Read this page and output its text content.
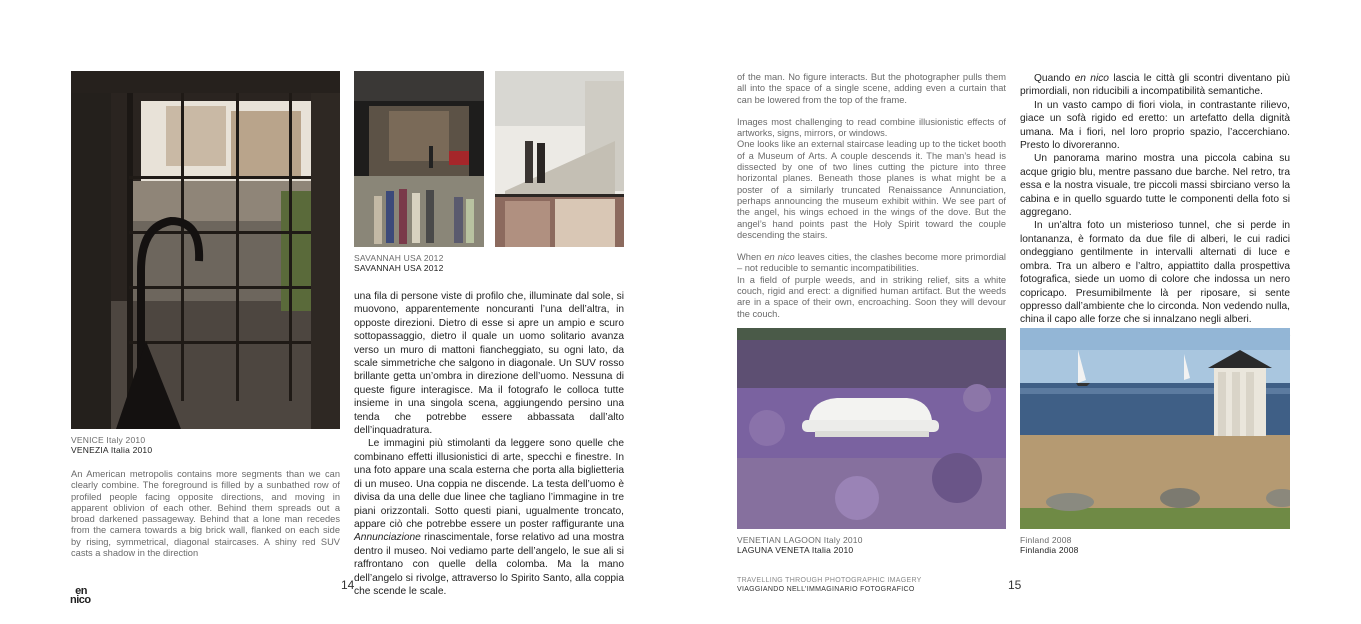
VENICE Italy 2010
VENEZIA Italia 2010
SAVANNAH USA 2012
SAVANNAH USA 2012

An American metropolis contains more segments than we can clearly combine. The foreground is filled by a sunbathed row of profiled people facing opposite directions, and moving in apparent oblivion of each other. Behind them spreads out a broad darkened passageway. Behind that a lone man recedes from the camera towards a big brick wall, flanked on each side by rising, symmetrical, diagonal staircases. A shiny red SUV casts a shadow in the direction

una fila di persone viste di profilo che, illuminate dal sole, si muovono, apparentemente noncuranti l’una dell’altra, in opposte direzioni. Dietro di esse si apre un ampio e scuro sottopassaggio, dietro il quale un uomo solitario avanza verso un muro di mattoni fiancheggiato, su ogni lato, da scale simmetriche che salgono in diagonale. Un SUV rosso brillante getta un’ombra in direzione dell’uomo. Nessuna di queste figure interagisce. Ma il fotografo le colloca tutte insieme in una singola scena, aggiungendo persino una tenda che potrebbe essere abbassata dall’alto dell’inquadratura.

Le immagini più stimolanti da leggere sono quelle che combinano effetti illusionistici di arte, specchi e finestre. In una foto appare una scala esterna che porta alla biglietteria di un museo. Una coppia ne discende. La testa dell’uomo è divisa da una delle due linee che tagliano l’immagine in tre piani orizzontali. Sotto questi piani, ugualmente troncato, appare ciò che potrebbe essere un poster raffigurante una Annunciazione rinascimentale, forse relativo ad una mostra dentro il museo. Noi vediamo parte dell’angelo, le sue ali si raffrontano con quelle della colomba. Ma la mano dell’angelo si rivolge, attraverso lo Spirito Santo, alla coppia che scende le scale.

en
nico

14

of the man. No figure interacts. But the photographer pulls them all into the space of a single scene, adding even a curtain that can be lowered from the top of the frame.

Images most challenging to read combine illusionistic effects of artworks, signs, mirrors, or windows.

One looks like an external staircase leading up to the ticket booth of a Museum of Arts. A couple descends it. The man’s head is dissected by one of two lines cutting the picture into three horizontal planes. Beneath those planes is what might be a poster of a similarly truncated Renaissance Annunciation, perhaps announcing the museum exhibit within. We see part of the angel, his wings echoed in the wings of the dove. But the angel’s hand points past the Holy Spirit toward the couple descending the stairs.

When en nico leaves cities, the clashes become more primordial – not reducible to semantic incompatibilities.

In a field of purple weeds, and in striking relief, sits a white couch, rigid and erect: a dignified human artifact. But the weeds are in a space of their own, encroaching. Soon they will devour the couch.

Quando en nico lascia le città gli scontri diventano più primordiali, non riducibili a incompatibilità semantiche.

In un vasto campo di fiori viola, in contrastante rilievo, giace un sofà rigido ed eretto: un artefatto della dignità umana. Ma i fiori, nel loro proprio spazio, l’accerchiano. Presto lo divoreranno.

Un panorama marino mostra una piccola cabina su acque grigio blu, mentre passano due barche. Nel retro, tra essa e la nostra visuale, tre piccoli massi sbirciano verso la cabina e in quello sguardo tutte le componenti della foto si aggregano.

In un’altra foto un misterioso tunnel, che si perde in lontananza, è formato da due file di alberi, le cui radici ondeggiano gentilmente in intervalli alternati di luce e ombra. Tra un albero e l’altro, appiattito dalla prospettiva fotografica, siede un uomo di colore che indossa un nero copricapo. Presumibilmente là per riposare, si sente oppresso dall’ambiente che lo circonda. Non vedendo nulla, china il capo alle forze che si innalzano negli alberi.

VENETIAN LAGOON Italy 2010
LAGUNA VENETA Italia 2010
Finland 2008
Finlandia 2008
TRAVELLING THROUGH PHOTOGRAPHIC IMAGERY
VIAGGIANDO NELL’IMMAGINARIO FOTOGRAFICO	15
